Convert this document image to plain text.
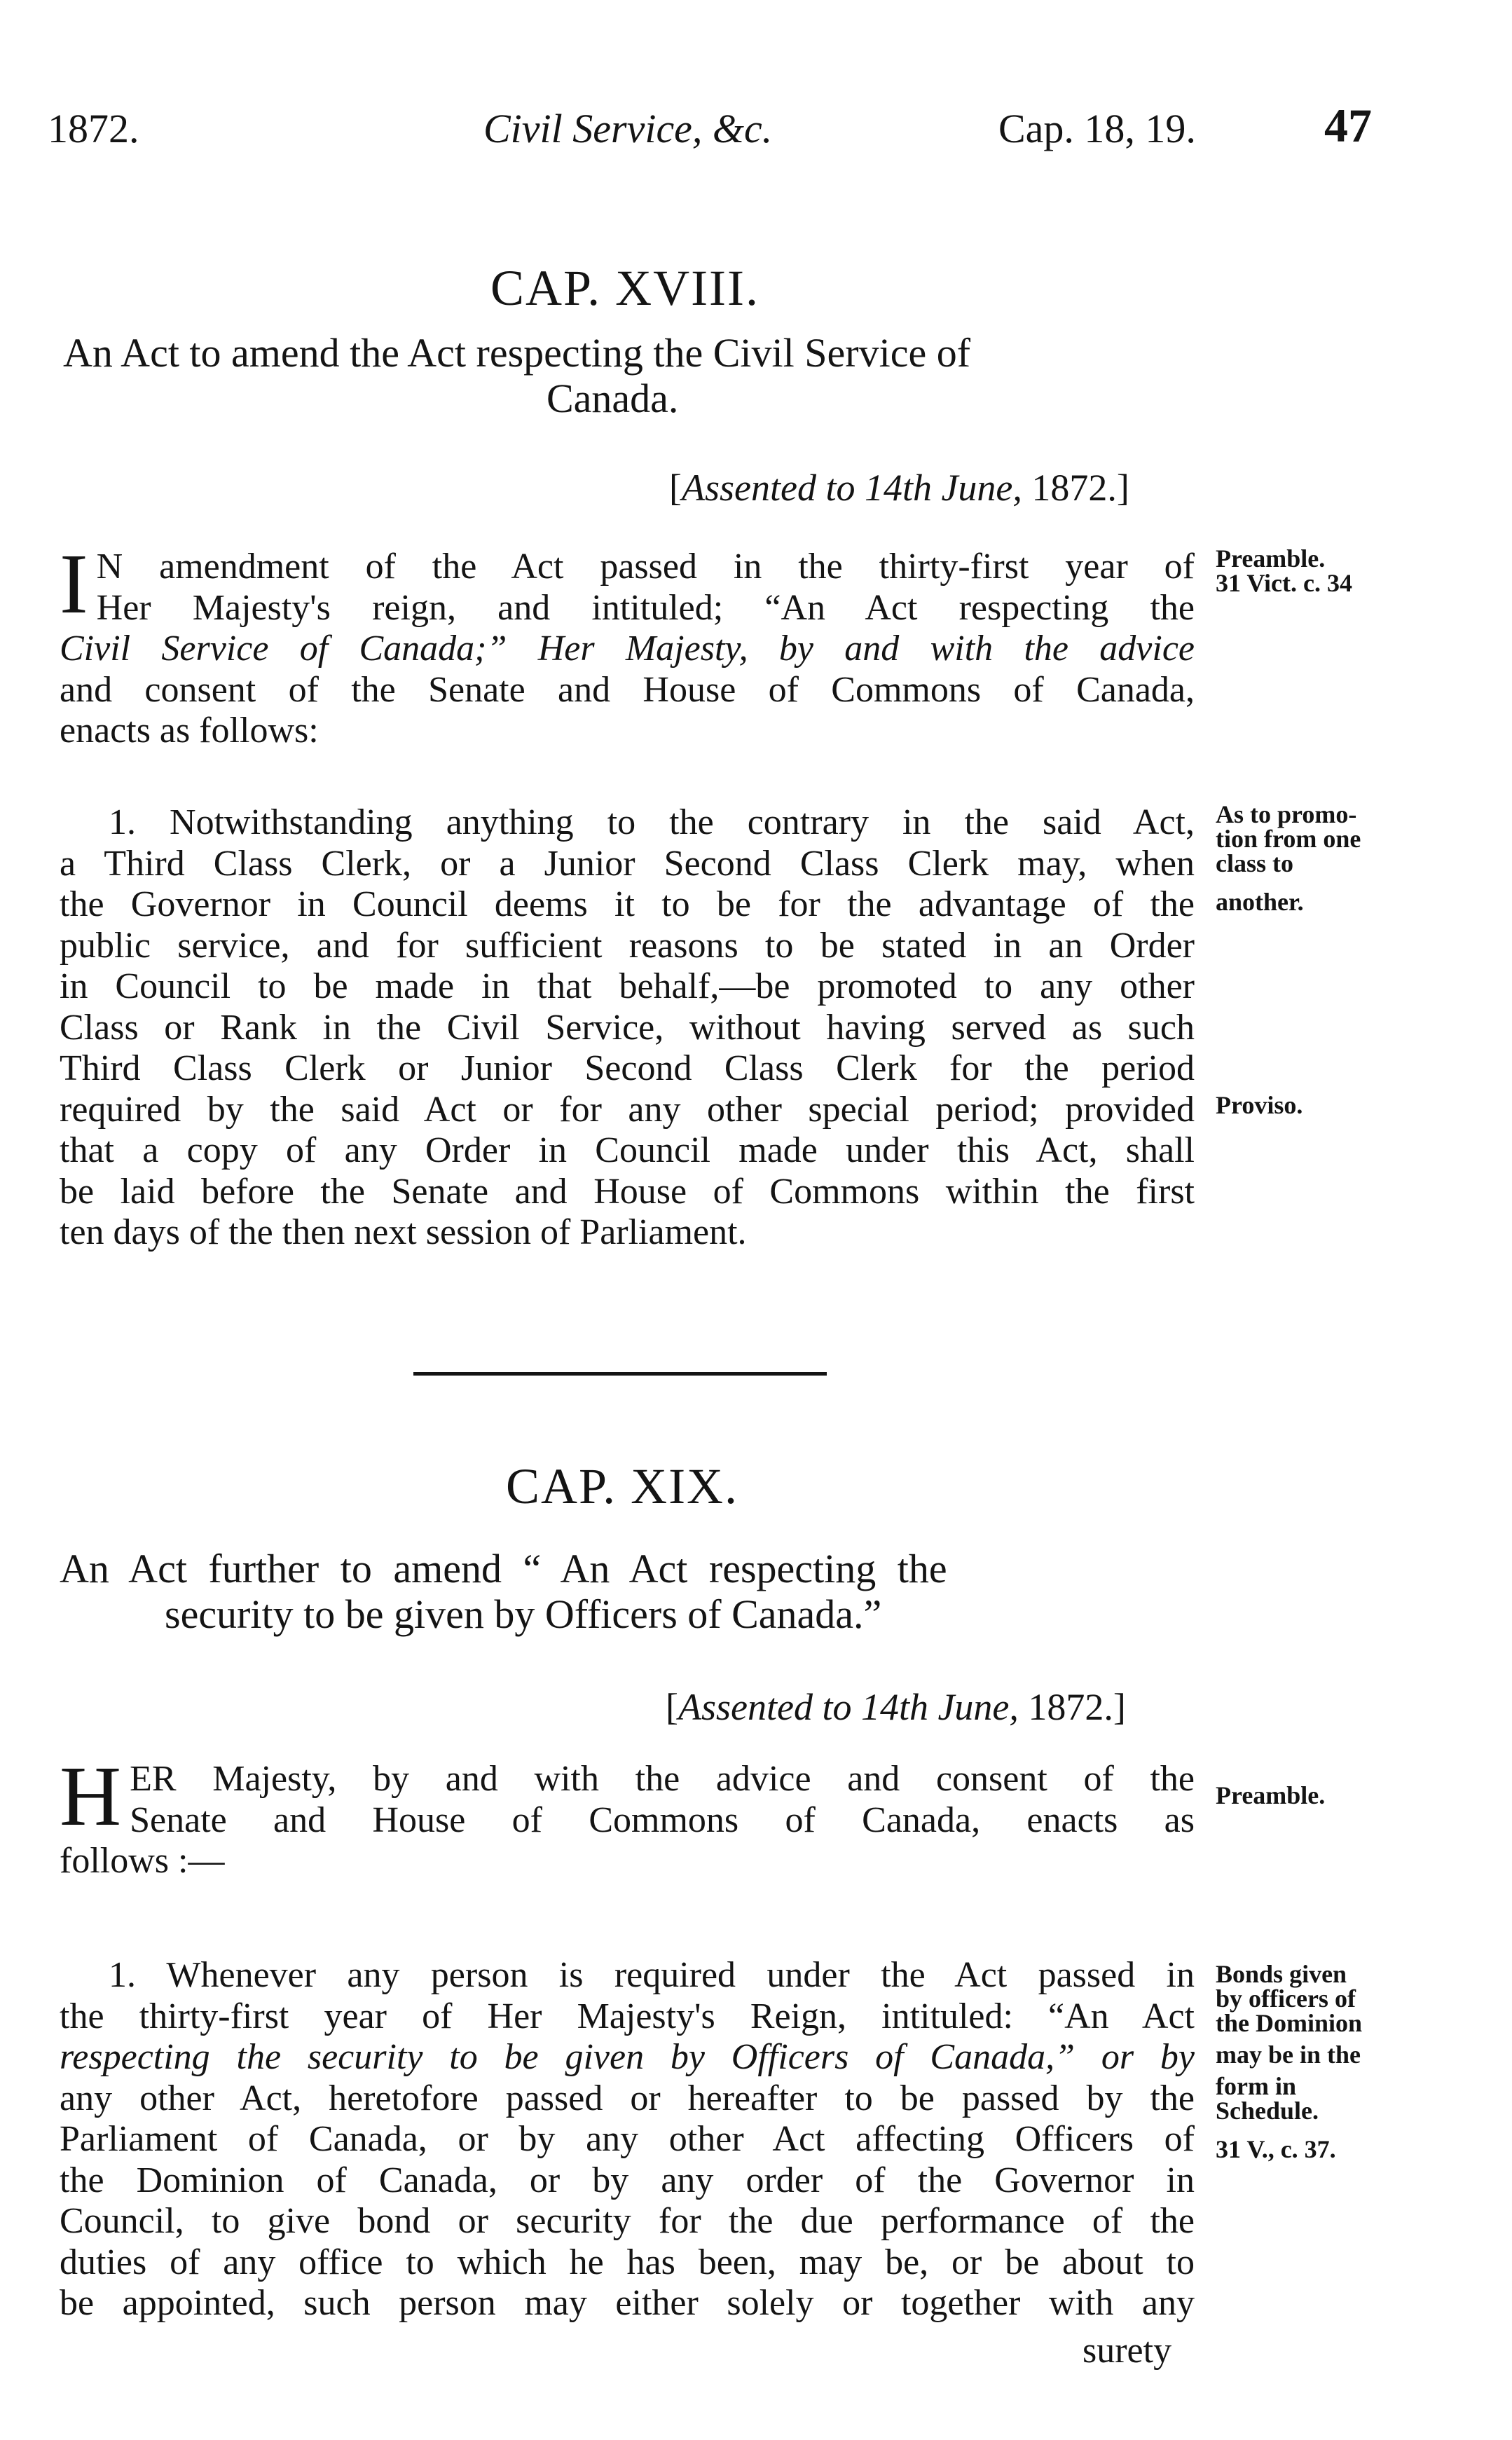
1872.	Civil Service, &c.	Cap. 18, 19.	47
CAP. XVIII.
An Act to amend the Act respecting the Civil Service of
Canada.
[Assented to 14th June, 1872.]
I N amendment of the Act passed in the thirty-first year of
Her Majesty's reign, and intituled; “An Act respecting the
Civil Service of Canada;” Her Majesty, by and with the advice
and consent of the Senate and House of Commons of Canada,
enacts as follows:
1. Notwithstanding anything to the contrary in the said Act,
a Third Class Clerk, or a Junior Second Class Clerk may, when
the Governor in Council deems it to be for the advantage of the
public service, and for sufficient reasons to be stated in an Order
in Council to be made in that behalf,—be promoted to any other
Class or Rank in the Civil Service, without having served as such
Third Class Clerk or Junior Second Class Clerk for the period
required by the said Act or for any other special period; provided
that a copy of any Order in Council made under this Act, shall
be laid before the Senate and House of Commons within the first
ten days of the then next session of Parliament.
Preamble.
31 Vict. c. 34
As to promo-
tion from one
class to
another.
Proviso.
CAP. XIX.
An Act further to amend “ An Act respecting the
security to be given by Officers of Canada.”
[Assented to 14th June, 1872.]
H ER Majesty, by and with the advice and consent of the
Senate and House of Commons of Canada, enacts as
follows :—
1. Whenever any person is required under the Act passed in
the thirty-first year of Her Majesty's Reign, intituled: “An Act
respecting the security to be given by Officers of Canada,” or by
any other Act, heretofore passed or hereafter to be passed by the
Parliament of Canada, or by any other Act affecting Officers of
the Dominion of Canada, or by any order of the Governor in
Council, to give bond or security for the due performance of the
duties of any office to which he has been, may be, or be about to
be appointed, such person may either solely or together with any
surety
Preamble.
Bonds given
by officers of
the Dominion
may be in the
form in
Schedule.
31 V., c. 37.
